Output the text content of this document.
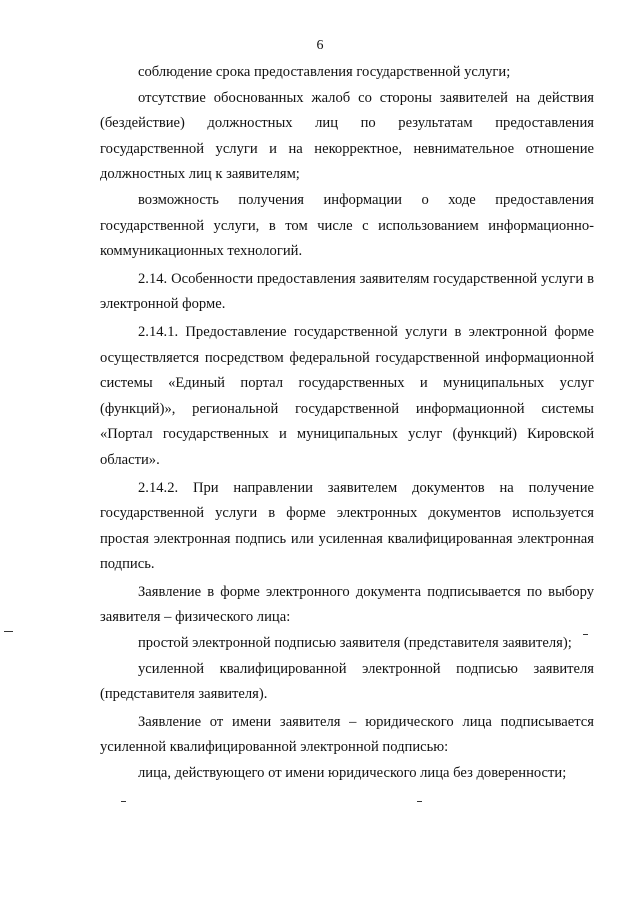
6

соблюдение срока предоставления государственной услуги;

отсутствие обоснованных жалоб со стороны заявителей на действия (бездействие) должностных лиц по результатам предоставления государственной услуги и на некорректное, невнимательное отношение должностных лиц к заявителям;

возможность получения информации о ходе предоставления государственной услуги, в том числе с использованием информационно-коммуникационных технологий.

2.14. Особенности предоставления заявителям государственной услуги в электронной форме.

2.14.1. Предоставление государственной услуги в электронной форме осуществляется посредством федеральной государственной информационной системы «Единый портал государственных и муниципальных услуг (функций)», региональной государственной информационной системы «Портал государственных и муниципальных услуг (функций) Кировской области».

2.14.2. При направлении заявителем документов на получение государственной услуги в форме электронных документов используется простая электронная подпись или усиленная квалифицированная электронная подпись.

Заявление в форме электронного документа подписывается по выбору заявителя – физического лица:

простой электронной подписью заявителя (представителя заявителя);

усиленной квалифицированной электронной подписью заявителя (представителя заявителя).

Заявление от имени заявителя – юридического лица подписывается усиленной квалифицированной электронной подписью:

лица, действующего от имени юридического лица без доверенности;
